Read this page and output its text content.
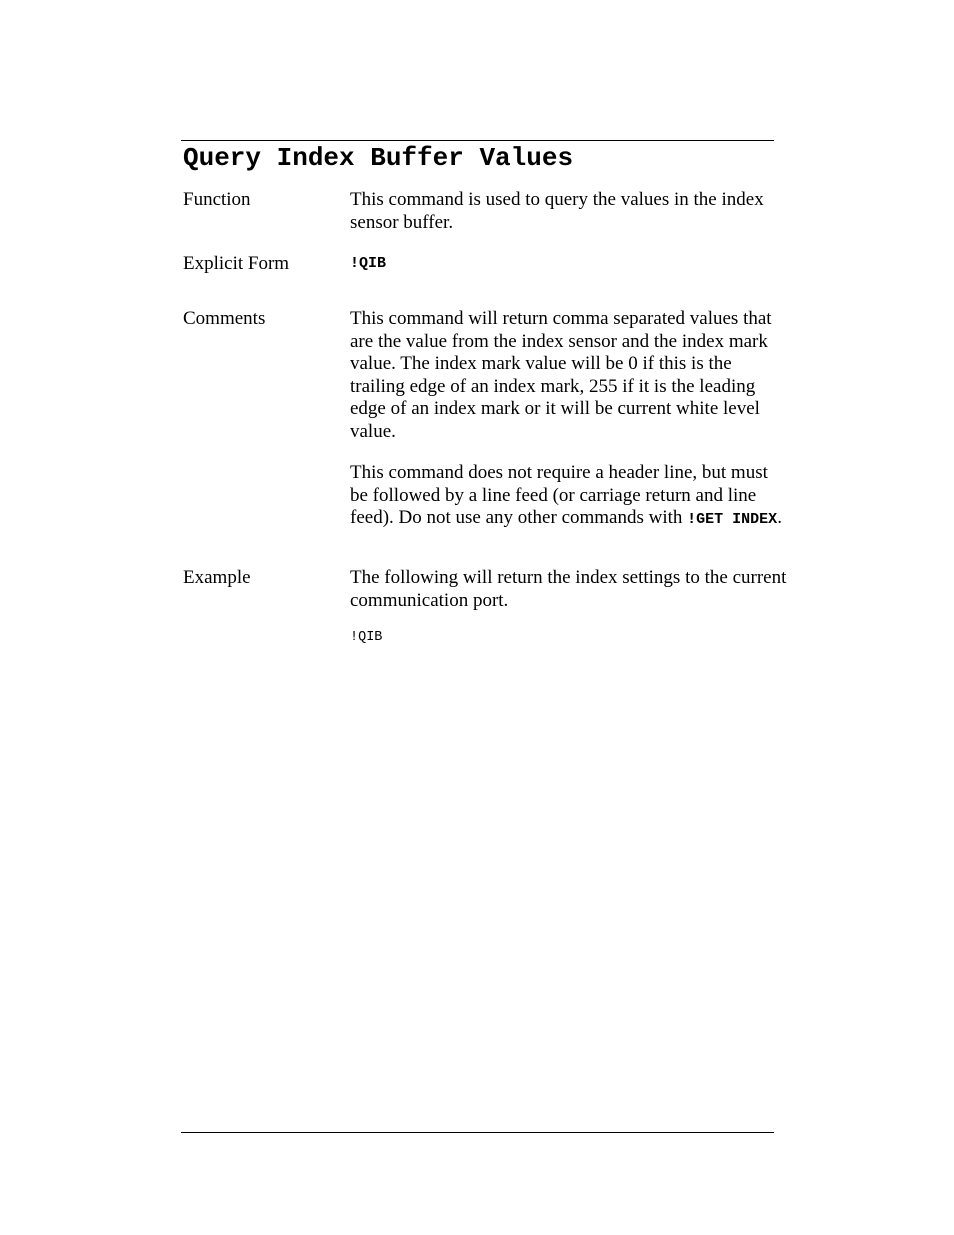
Query Index Buffer Values
Function	This command is used to query the values in the index sensor buffer.

Explicit Form	!QIB
Comments	This command will return comma separated values that are the value from the index sensor and the index mark value. The index mark value will be 0 if this is the trailing edge of an index mark, 255 if it is the leading edge of an index mark or it will be current white level value.

This command does not require a header line, but must be followed by a line feed (or carriage return and line feed). Do not use any other commands with !GET INDEX.

Example	The following will return the index settings to the current communication port.

!QIB
